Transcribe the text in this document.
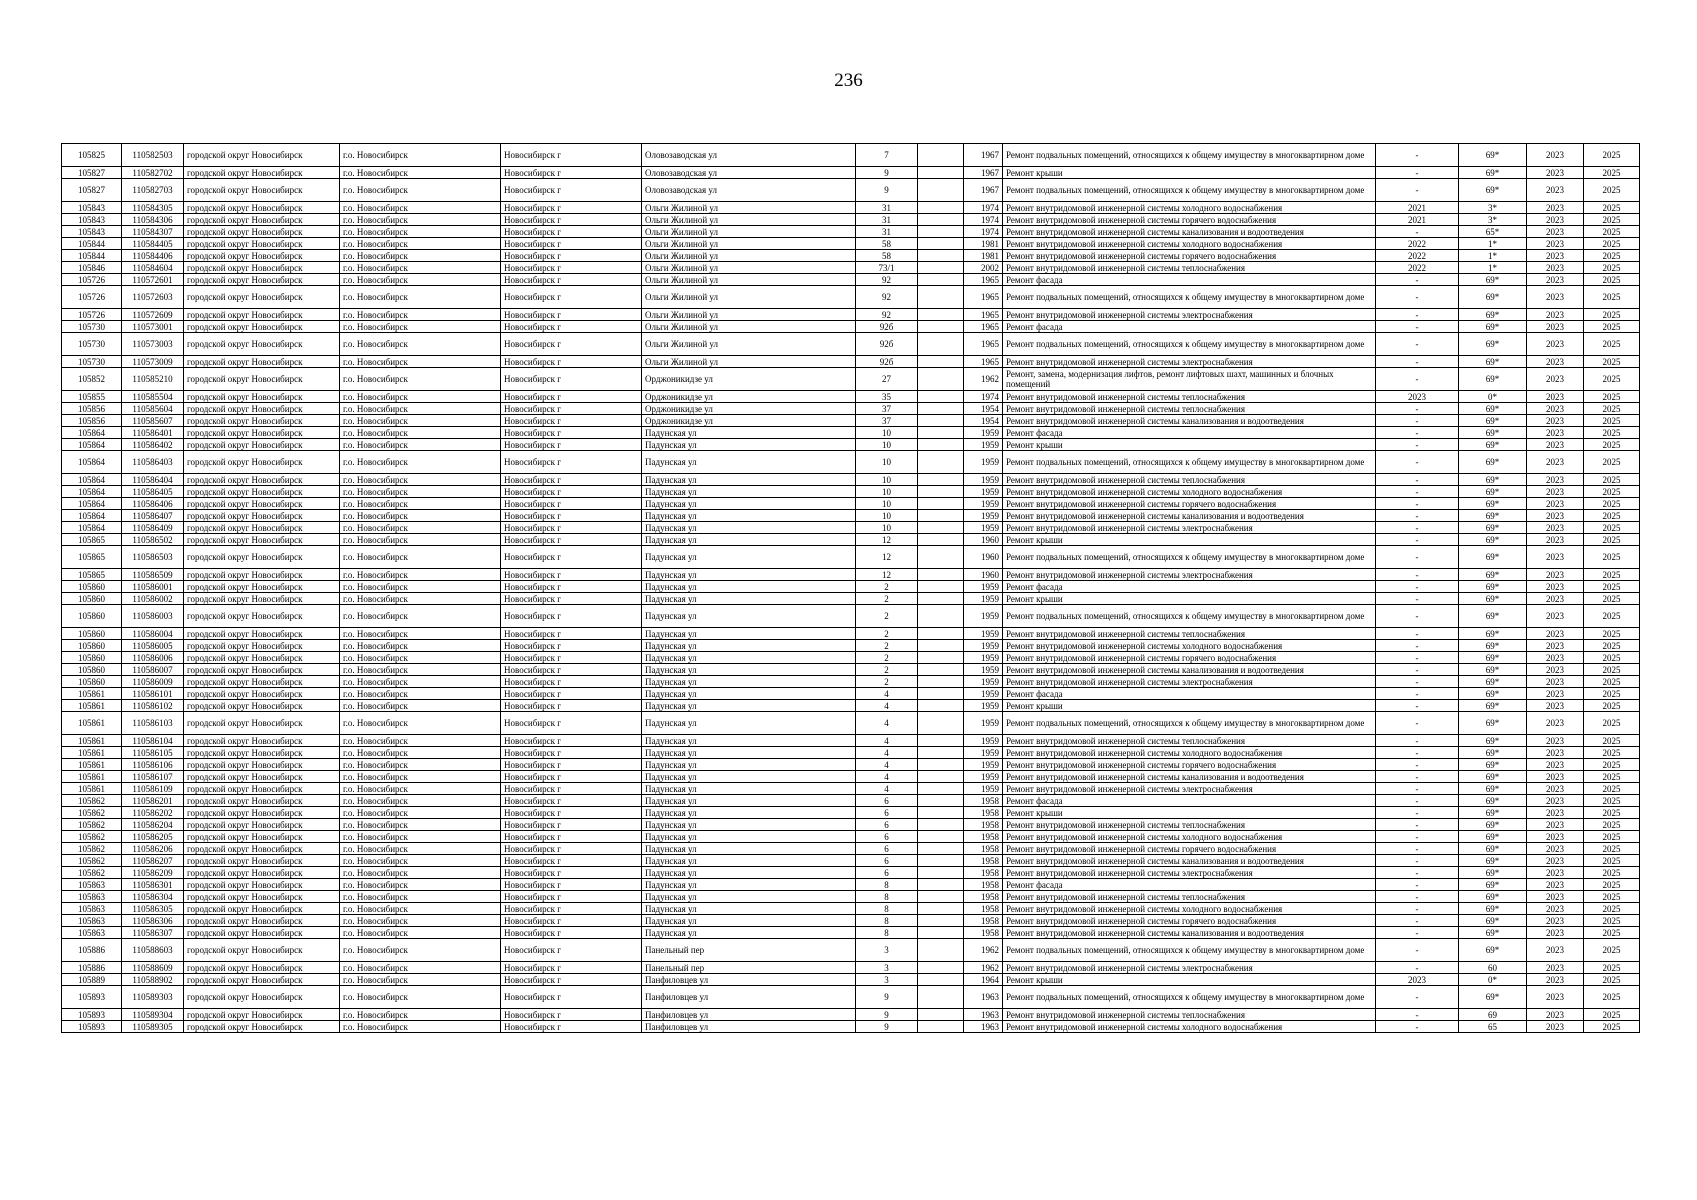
236
105825	110582503	городской округ Новосибирск	г.о. Новосибирск	Новосибирск г	Оловозаводская ул	7		1967	Ремонт подвальных помещений, относящихся к общему имуществу в многоквартирном доме	-	69*	2023	2025
105827	110582702	городской округ Новосибирск	г.о. Новосибирск	Новосибирск г	Оловозаводская ул	9		1967	Ремонт крыши	-	69*	2023	2025
105827	110582703	городской округ Новосибирск	г.о. Новосибирск	Новосибирск г	Оловозаводская ул	9		1967	Ремонт подвальных помещений, относящихся к общему имуществу в многоквартирном доме	-	69*	2023	2025
105843	110584305	городской округ Новосибирск	г.о. Новосибирск	Новосибирск г	Ольги Жилиной ул	31		1974	Ремонт внутридомовой инженерной системы холодного водоснабжения	2021	3*	2023	2025
105843	110584306	городской округ Новосибирск	г.о. Новосибирск	Новосибирск г	Ольги Жилиной ул	31		1974	Ремонт внутридомовой инженерной системы горячего водоснабжения	2021	3*	2023	2025
105843	110584307	городской округ Новосибирск	г.о. Новосибирск	Новосибирск г	Ольги Жилиной ул	31		1974	Ремонт внутридомовой инженерной системы канализования и водоотведения	-	65*	2023	2025
105844	110584405	городской округ Новосибирск	г.о. Новосибирск	Новосибирск г	Ольги Жилиной ул	58		1981	Ремонт внутридомовой инженерной системы холодного водоснабжения	2022	1*	2023	2025
105844	110584406	городской округ Новосибирск	г.о. Новосибирск	Новосибирск г	Ольги Жилиной ул	58		1981	Ремонт внутридомовой инженерной системы горячего водоснабжения	2022	1*	2023	2025
105846	110584604	городской округ Новосибирск	г.о. Новосибирск	Новосибирск г	Ольги Жилиной ул	73/1		2002	Ремонт внутридомовой инженерной системы теплоснабжения	2022	1*	2023	2025
105726	110572601	городской округ Новосибирск	г.о. Новосибирск	Новосибирск г	Ольги Жилиной ул	92		1965	Ремонт фасада	-	69*	2023	2025
105726	110572603	городской округ Новосибирск	г.о. Новосибирск	Новосибирск г	Ольги Жилиной ул	92		1965	Ремонт подвальных помещений, относящихся к общему имуществу в многоквартирном доме	-	69*	2023	2025
105726	110572609	городской округ Новосибирск	г.о. Новосибирск	Новосибирск г	Ольги Жилиной ул	92		1965	Ремонт внутридомовой инженерной системы электроснабжения	-	69*	2023	2025
105730	110573001	городской округ Новосибирск	г.о. Новосибирск	Новосибирск г	Ольги Жилиной ул	92б		1965	Ремонт фасада	-	69*	2023	2025
105730	110573003	городской округ Новосибирск	г.о. Новосибирск	Новосибирск г	Ольги Жилиной ул	92б		1965	Ремонт подвальных помещений, относящихся к общему имуществу в многоквартирном доме	-	69*	2023	2025
105730	110573009	городской округ Новосибирск	г.о. Новосибирск	Новосибирск г	Ольги Жилиной ул	92б		1965	Ремонт внутридомовой инженерной системы электроснабжения	-	69*	2023	2025
105852	110585210	городской округ Новосибирск	г.о. Новосибирск	Новосибирск г	Орджоникидзе ул	27		1962	Ремонт, замена, модернизация лифтов, ремонт лифтовых шахт, машинных и блочных помещений	-	69*	2023	2025
105855	110585504	городской округ Новосибирск	г.о. Новосибирск	Новосибирск г	Орджоникидзе ул	35		1974	Ремонт внутридомовой инженерной системы теплоснабжения	2023	0*	2023	2025
105856	110585604	городской округ Новосибирск	г.о. Новосибирск	Новосибирск г	Орджоникидзе ул	37		1954	Ремонт внутридомовой инженерной системы теплоснабжения	-	69*	2023	2025
105856	110585607	городской округ Новосибирск	г.о. Новосибирск	Новосибирск г	Орджоникидзе ул	37		1954	Ремонт внутридомовой инженерной системы канализования и водоотведения	-	69*	2023	2025
105864	110586401	городской округ Новосибирск	г.о. Новосибирск	Новосибирск г	Падунская ул	10		1959	Ремонт фасада	-	69*	2023	2025
105864	110586402	городской округ Новосибирск	г.о. Новосибирск	Новосибирск г	Падунская ул	10		1959	Ремонт крыши	-	69*	2023	2025
105864	110586403	городской округ Новосибирск	г.о. Новосибирск	Новосибирск г	Падунская ул	10		1959	Ремонт подвальных помещений, относящихся к общему имуществу в многоквартирном доме	-	69*	2023	2025
105864	110586404	городской округ Новосибирск	г.о. Новосибирск	Новосибирск г	Падунская ул	10		1959	Ремонт внутридомовой инженерной системы теплоснабжения	-	69*	2023	2025
105864	110586405	городской округ Новосибирск	г.о. Новосибирск	Новосибирск г	Падунская ул	10		1959	Ремонт внутридомовой инженерной системы холодного водоснабжения	-	69*	2023	2025
105864	110586406	городской округ Новосибирск	г.о. Новосибирск	Новосибирск г	Падунская ул	10		1959	Ремонт внутридомовой инженерной системы горячего водоснабжения	-	69*	2023	2025
105864	110586407	городской округ Новосибирск	г.о. Новосибирск	Новосибирск г	Падунская ул	10		1959	Ремонт внутридомовой инженерной системы канализования и водоотведения	-	69*	2023	2025
105864	110586409	городской округ Новосибирск	г.о. Новосибирск	Новосибирск г	Падунская ул	10		1959	Ремонт внутридомовой инженерной системы электроснабжения	-	69*	2023	2025
105865	110586502	городской округ Новосибирск	г.о. Новосибирск	Новосибирск г	Падунская ул	12		1960	Ремонт крыши	-	69*	2023	2025
105865	110586503	городской округ Новосибирск	г.о. Новосибирск	Новосибирск г	Падунская ул	12		1960	Ремонт подвальных помещений, относящихся к общему имуществу в многоквартирном доме	-	69*	2023	2025
105865	110586509	городской округ Новосибирск	г.о. Новосибирск	Новосибирск г	Падунская ул	12		1960	Ремонт внутридомовой инженерной системы электроснабжения	-	69*	2023	2025
105860	110586001	городской округ Новосибирск	г.о. Новосибирск	Новосибирск г	Падунская ул	2		1959	Ремонт фасада	-	69*	2023	2025
105860	110586002	городской округ Новосибирск	г.о. Новосибирск	Новосибирск г	Падунская ул	2		1959	Ремонт крыши	-	69*	2023	2025
105860	110586003	городской округ Новосибирск	г.о. Новосибирск	Новосибирск г	Падунская ул	2		1959	Ремонт подвальных помещений, относящихся к общему имуществу в многоквартирном доме	-	69*	2023	2025
105860	110586004	городской округ Новосибирск	г.о. Новосибирск	Новосибирск г	Падунская ул	2		1959	Ремонт внутридомовой инженерной системы теплоснабжения	-	69*	2023	2025
105860	110586005	городской округ Новосибирск	г.о. Новосибирск	Новосибирск г	Падунская ул	2		1959	Ремонт внутридомовой инженерной системы холодного водоснабжения	-	69*	2023	2025
105860	110586006	городской округ Новосибирск	г.о. Новосибирск	Новосибирск г	Падунская ул	2		1959	Ремонт внутридомовой инженерной системы горячего водоснабжения	-	69*	2023	2025
105860	110586007	городской округ Новосибирск	г.о. Новосибирск	Новосибирск г	Падунская ул	2		1959	Ремонт внутридомовой инженерной системы канализования и водоотведения	-	69*	2023	2025
105860	110586009	городской округ Новосибирск	г.о. Новосибирск	Новосибирск г	Падунская ул	2		1959	Ремонт внутридомовой инженерной системы электроснабжения	-	69*	2023	2025
105861	110586101	городской округ Новосибирск	г.о. Новосибирск	Новосибирск г	Падунская ул	4		1959	Ремонт фасада	-	69*	2023	2025
105861	110586102	городской округ Новосибирск	г.о. Новосибирск	Новосибирск г	Падунская ул	4		1959	Ремонт крыши	-	69*	2023	2025
105861	110586103	городской округ Новосибирск	г.о. Новосибирск	Новосибирск г	Падунская ул	4		1959	Ремонт подвальных помещений, относящихся к общему имуществу в многоквартирном доме	-	69*	2023	2025
105861	110586104	городской округ Новосибирск	г.о. Новосибирск	Новосибирск г	Падунская ул	4		1959	Ремонт внутридомовой инженерной системы теплоснабжения	-	69*	2023	2025
105861	110586105	городской округ Новосибирск	г.о. Новосибирск	Новосибирск г	Падунская ул	4		1959	Ремонт внутридомовой инженерной системы холодного водоснабжения	-	69*	2023	2025
105861	110586106	городской округ Новосибирск	г.о. Новосибирск	Новосибирск г	Падунская ул	4		1959	Ремонт внутридомовой инженерной системы горячего водоснабжения	-	69*	2023	2025
105861	110586107	городской округ Новосибирск	г.о. Новосибирск	Новосибирск г	Падунская ул	4		1959	Ремонт внутридомовой инженерной системы канализования и водоотведения	-	69*	2023	2025
105861	110586109	городской округ Новосибирск	г.о. Новосибирск	Новосибирск г	Падунская ул	4		1959	Ремонт внутридомовой инженерной системы электроснабжения	-	69*	2023	2025
105862	110586201	городской округ Новосибирск	г.о. Новосибирск	Новосибирск г	Падунская ул	6		1958	Ремонт фасада	-	69*	2023	2025
105862	110586202	городской округ Новосибирск	г.о. Новосибирск	Новосибирск г	Падунская ул	6		1958	Ремонт крыши	-	69*	2023	2025
105862	110586204	городской округ Новосибирск	г.о. Новосибирск	Новосибирск г	Падунская ул	6		1958	Ремонт внутридомовой инженерной системы теплоснабжения	-	69*	2023	2025
105862	110586205	городской округ Новосибирск	г.о. Новосибирск	Новосибирск г	Падунская ул	6		1958	Ремонт внутридомовой инженерной системы холодного водоснабжения	-	69*	2023	2025
105862	110586206	городской округ Новосибирск	г.о. Новосибирск	Новосибирск г	Падунская ул	6		1958	Ремонт внутридомовой инженерной системы горячего водоснабжения	-	69*	2023	2025
105862	110586207	городской округ Новосибирск	г.о. Новосибирск	Новосибирск г	Падунская ул	6		1958	Ремонт внутридомовой инженерной системы канализования и водоотведения	-	69*	2023	2025
105862	110586209	городской округ Новосибирск	г.о. Новосибирск	Новосибирск г	Падунская ул	6		1958	Ремонт внутридомовой инженерной системы электроснабжения	-	69*	2023	2025
105863	110586301	городской округ Новосибирск	г.о. Новосибирск	Новосибирск г	Падунская ул	8		1958	Ремонт фасада	-	69*	2023	2025
105863	110586304	городской округ Новосибирск	г.о. Новосибирск	Новосибирск г	Падунская ул	8		1958	Ремонт внутридомовой инженерной системы теплоснабжения	-	69*	2023	2025
105863	110586305	городской округ Новосибирск	г.о. Новосибирск	Новосибирск г	Падунская ул	8		1958	Ремонт внутридомовой инженерной системы холодного водоснабжения	-	69*	2023	2025
105863	110586306	городской округ Новосибирск	г.о. Новосибирск	Новосибирск г	Падунская ул	8		1958	Ремонт внутридомовой инженерной системы горячего водоснабжения	-	69*	2023	2025
105863	110586307	городской округ Новосибирск	г.о. Новосибирск	Новосибирск г	Падунская ул	8		1958	Ремонт внутридомовой инженерной системы канализования и водоотведения	-	69*	2023	2025
105886	110588603	городской округ Новосибирск	г.о. Новосибирск	Новосибирск г	Панельный пер	3		1962	Ремонт подвальных помещений, относящихся к общему имуществу в многоквартирном доме	-	69*	2023	2025
105886	110588609	городской округ Новосибирск	г.о. Новосибирск	Новосибирск г	Панельный пер	3		1962	Ремонт внутридомовой инженерной системы электроснабжения	-	60	2023	2025
105889	110588902	городской округ Новосибирск	г.о. Новосибирск	Новосибирск г	Панфиловцев ул	3		1964	Ремонт крыши	2023	0*	2023	2025
105893	110589303	городской округ Новосибирск	г.о. Новосибирск	Новосибирск г	Панфиловцев ул	9		1963	Ремонт подвальных помещений, относящихся к общему имуществу в многоквартирном доме	-	69*	2023	2025
105893	110589304	городской округ Новосибирск	г.о. Новосибирск	Новосибирск г	Панфиловцев ул	9		1963	Ремонт внутридомовой инженерной системы теплоснабжения	-	69	2023	2025
105893	110589305	городской округ Новосибирск	г.о. Новосибирск	Новосибирск г	Панфиловцев ул	9		1963	Ремонт внутридомовой инженерной системы холодного водоснабжения	-	65	2023	2025
